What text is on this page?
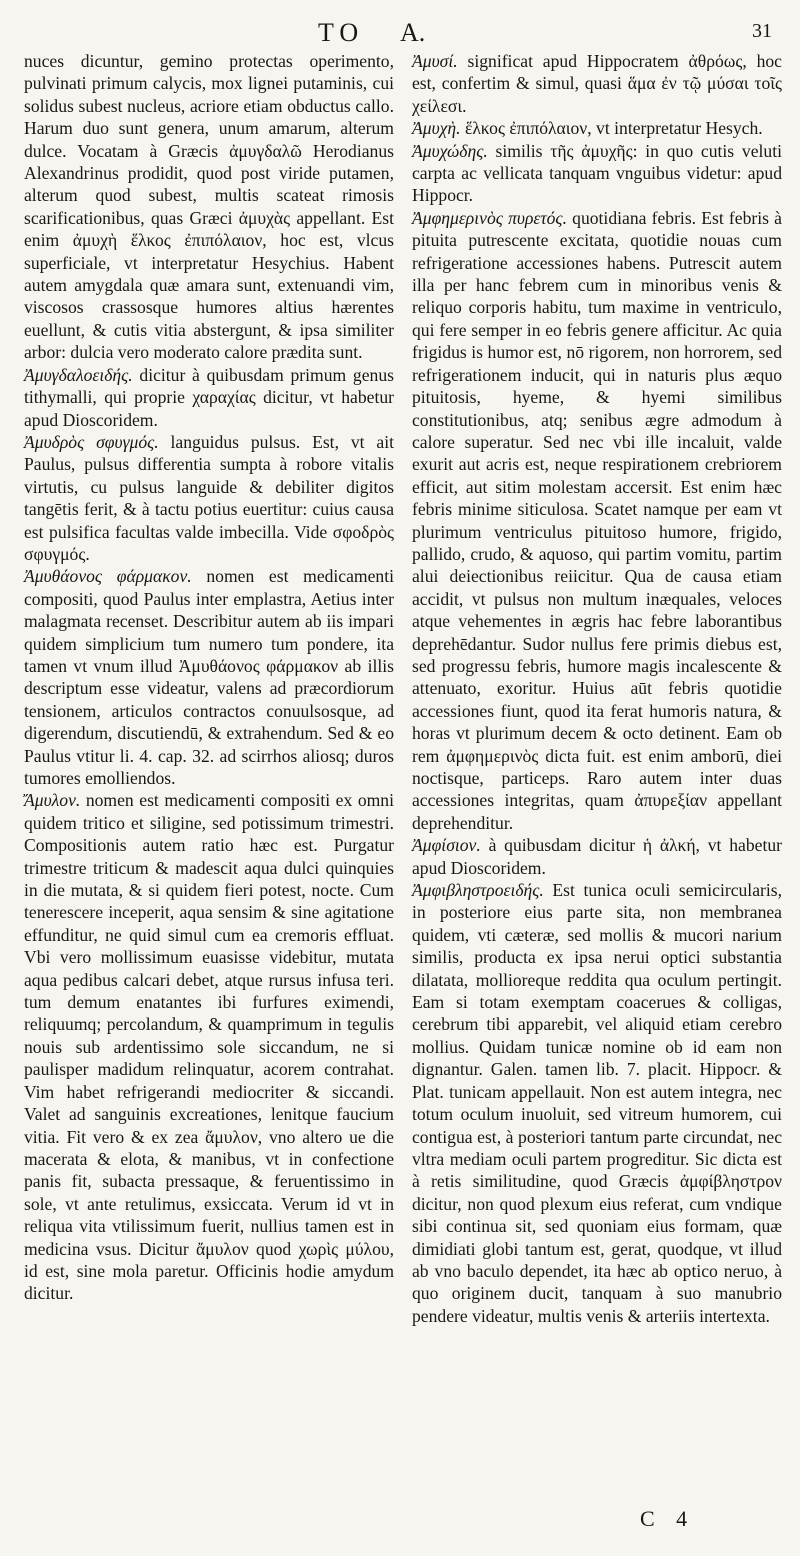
TO A.	31

nuces dicuntur, gemino protectas operimento, pulvinati primum calycis, mox lignei putaminis, cui solidus subest nucleus, acriore etiam obductus callo. Harum duo sunt genera, unum amarum, alterum dulce. Vocatam à Græcis ἀμυγδαλῶ Herodianus Alexandrinus prodidit, quod post viride putamen, alterum quod subest, multis scateat rimosis scarificationibus, quas Græci ἀμυχὰς appellant. Est enim ἀμυχὴ ἕλκος ἐπιπόλαιον, hoc est, vlcus superficiale, vt interpretatur Hesychius. Habent autem amygdala quæ amara sunt, extenuandi vim, viscosos crassosque humores altius hærentes euellunt, & cutis vitia abstergunt, & ipsa similiter arbor: dulcia vero moderato calore prædita sunt.

Ἀμυγδαλοειδής. dicitur à quibusdam primum genus tithymalli, qui proprie χαραχίας dicitur, vt habetur apud Dioscoridem.

Ἀμυδρὸς σφυγμός. languidus pulsus. Est, vt ait Paulus, pulsus differentia sumpta à robore vitalis virtutis, cu pulsus languide & debiliter digitos tangētis ferit, & à tactu potius euertitur: cuius causa est pulsifica facultas valde imbecilla. Vide σφοδρὸς σφυγμός.

Ἀμυθάονος φάρμακον. nomen est medicamenti compositi, quod Paulus inter emplastra, Aetius inter malagmata recenset. Describitur autem ab iis impari quidem simplicium tum numero tum pondere, ita tamen vt vnum illud Ἀμυθάονος φάρμακον ab illis descriptum esse videatur, valens ad præcordiorum tensionem, articulos contractos conuulsosque, ad digerendum, discutiendū, & extrahendum. Sed & eo Paulus vtitur li. 4. cap. 32. ad scirrhos aliosq; duros tumores emolliendos.

Ἄμυλον. nomen est medicamenti compositi ex omni quidem tritico et siligine, sed potissimum trimestri. Compositionis autem ratio hæc est. Purgatur trimestre triticum & madescit aqua dulci quinquies in die mutata, & si quidem fieri potest, nocte. Cum tenerescere inceperit, aqua sensim & sine agitatione effunditur, ne quid simul cum ea cremoris effluat. Vbi vero mollissimum euasisse videbitur, mutata aqua pedibus calcari debet, atque rursus infusa teri. tum demum enatantes ibi furfures eximendi, reliquumq; percolandum, & quamprimum in tegulis nouis sub ardentissimo sole siccandum, ne si paulisper madidum relinquatur, acorem contrahat. Vim habet refrigerandi mediocriter & siccandi. Valet ad sanguinis excreationes, lenitque faucium vitia. Fit vero & ex zea ἄμυλον, vno altero ue die macerata & elota, & manibus, vt in confectione panis fit, subacta pressaque, & feruentissimo in sole, vt ante retulimus, exsiccata. Verum id vt in reliqua vita vtilissimum fuerit, nullius tamen est in medicina vsus. Dicitur ἄμυλον quod χωρὶς μύλου, id est, sine mola paretur. Officinis hodie amydum dicitur.

Ἀμυσί. significat apud Hippocratem ἀθρόως, hoc est, confertim & simul, quasi ἅμα ἐν τῷ μύσαι τοῖς χείλεσι.

Ἀμυχὴ. ἕλκος ἐπιπόλαιον, vt interpretatur Hesych.

Ἀμυχώδης. similis τῆς ἀμυχῆς: in quo cutis veluti carpta ac vellicata tanquam vnguibus videtur: apud Hippocr.

Ἀμφημερινὸς πυρετός. quotidiana febris. Est febris à pituita putrescente excitata, quotidie nouas cum refrigeratione accessiones habens. Putrescit autem illa per hanc febrem cum in minoribus venis & reliquo corporis habitu, tum maxime in ventriculo, qui fere semper in eo febris genere afficitur. Ac quia frigidus is humor est, nō rigorem, non horrorem, sed refrigerationem inducit, qui in naturis plus æquo pituitosis, hyeme, & hyemi similibus constitutionibus, atq; senibus ægre admodum à calore superatur. Sed nec vbi ille incaluit, valde exurit aut acris est, neque respirationem crebriorem efficit, aut sitim molestam accersit. Est enim hæc febris minime siticulosa. Scatet namque per eam vt plurimum ventriculus pituitoso humore, frigido, pallido, crudo, & aquoso, qui partim vomitu, partim alui deiectionibus reiicitur. Qua de causa etiam accidit, vt pulsus non multum inæquales, veloces atque vehementes in ægris hac febre laborantibus deprehēdantur. Sudor nullus fere primis diebus est, sed progressu febris, humore magis incalescente & attenuato, exoritur. Huius aūt febris quotidie accessiones fiunt, quod ita ferat humoris natura, & horas vt plurimum decem & octo detinent. Eam ob rem ἀμφημερινὸς dicta fuit. est enim amborū, diei noctisque, particeps. Raro autem inter duas accessiones integritas, quam ἀπυρεξίαν appellant deprehenditur.

Ἀμφίσιον. à quibusdam dicitur ἡ ἀλκή, vt habetur apud Dioscoridem.

Ἀμφιβληστροειδής. Est tunica oculi semicircularis, in posteriore eius parte sita, non membranea quidem, vti cæteræ, sed mollis & mucori narium similis, producta ex ipsa nerui optici substantia dilatata, mollioreque reddita qua oculum pertingit. Eam si totam exemptam coacerues & colligas, cerebrum tibi apparebit, vel aliquid etiam cerebro mollius. Quidam tunicæ nomine ob id eam non dignantur. Galen. tamen lib. 7. placit. Hippocr. & Plat. tunicam appellauit. Non est autem integra, nec totum oculum inuoluit, sed vitreum humorem, cui contigua est, à posteriori tantum parte circundat, nec vltra mediam oculi partem progreditur. Sic dicta est à retis similitudine, quod Græcis ἀμφίβληστρον dicitur, non quod plexum eius referat, cum vndique sibi continua sit, sed quoniam eius formam, quæ dimidiati globi tantum est, gerat, quodque, vt illud ab vno baculo dependet, ita hæc ab optico neruo, à quo originem ducit, tanquam à suo manubrio pendere videatur, multis venis & arteriis intertexta.

C 4
